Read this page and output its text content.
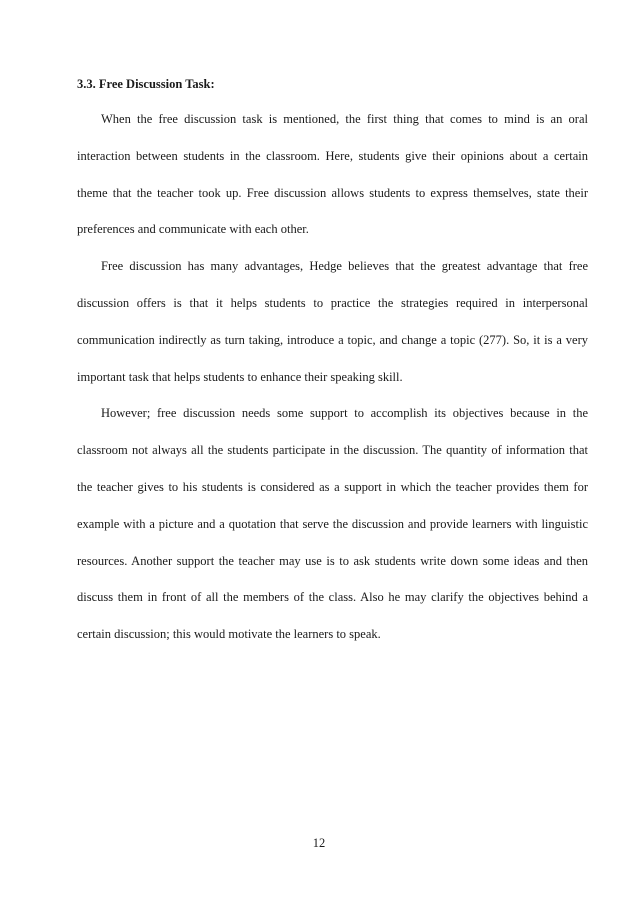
3.3. Free Discussion Task:

When the free discussion task is mentioned, the first thing that comes to mind is an oral interaction between students in the classroom. Here, students give their opinions about a certain theme that the teacher took up. Free discussion allows students to express themselves, state their preferences and communicate with each other.

Free discussion has many advantages, Hedge believes that the greatest advantage that free discussion offers is that it helps students to practice the strategies required in interpersonal communication indirectly as turn taking, introduce a topic, and change a topic (277). So, it is a very important task that helps students to enhance their speaking skill.

However; free discussion needs some support to accomplish its objectives because in the classroom not always all the students participate in the discussion. The quantity of information that the teacher gives to his students is considered as a support in which the teacher provides them for example with a picture and a quotation that serve the discussion and provide learners with linguistic resources. Another support the teacher may use is to ask students write down some ideas and then discuss them in front of all the members of the class. Also he may clarify the objectives behind a certain discussion; this would motivate the learners to speak.

12
